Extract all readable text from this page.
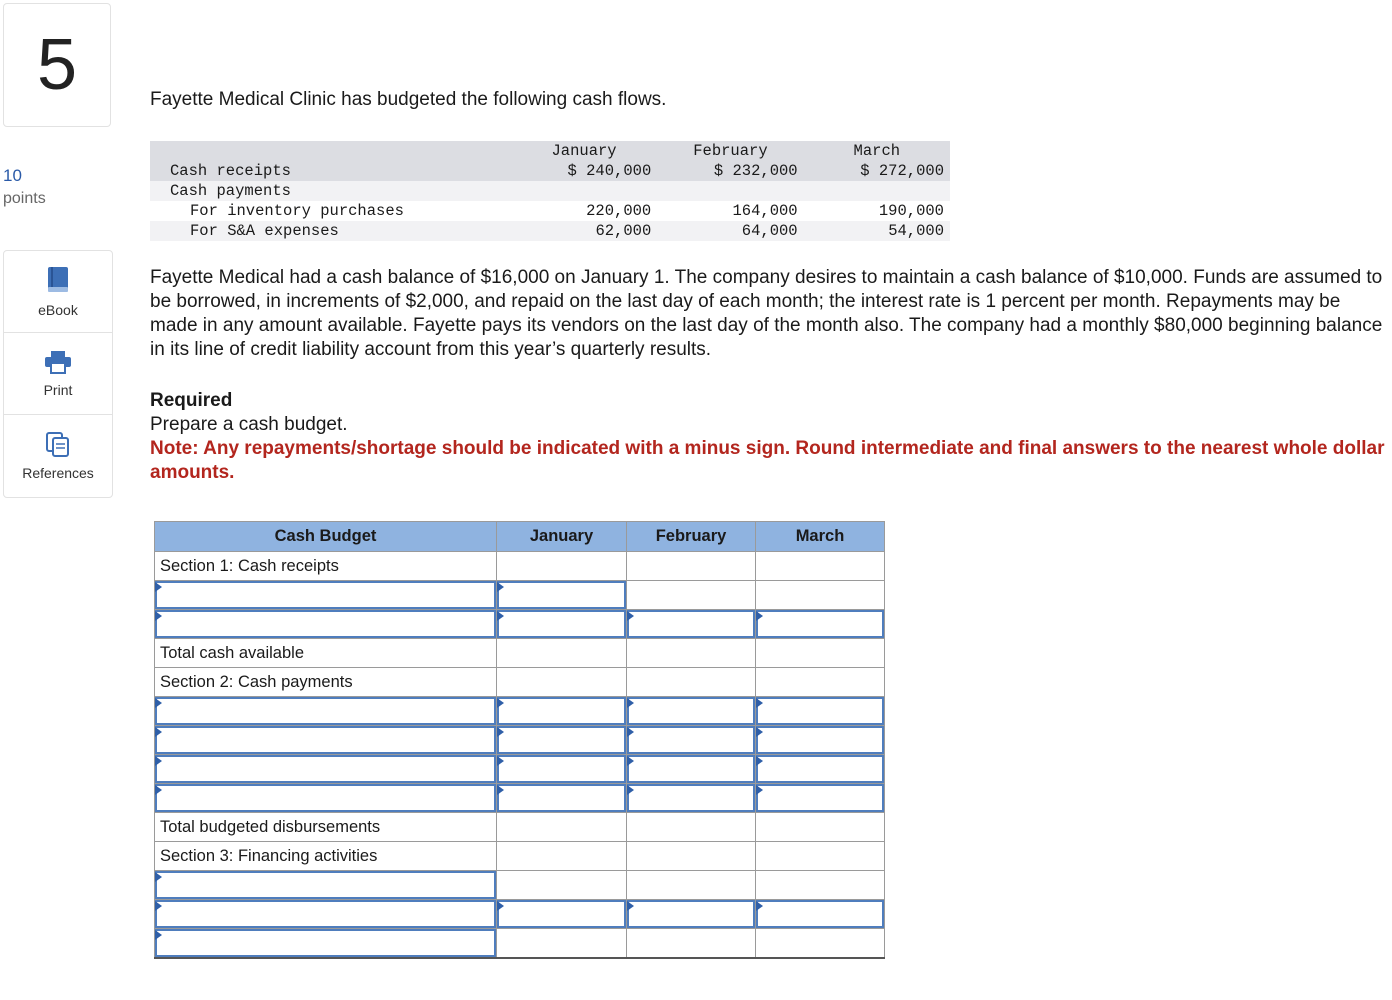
5
10
points
eBook
Print
References
Fayette Medical Clinic has budgeted the following cash flows.
	January	February	March
Cash receipts	$ 240,000	$ 232,000	$ 272,000
Cash payments			
For inventory purchases	220,000	164,000	190,000
For S&A expenses	62,000	64,000	54,000
Fayette Medical had a cash balance of $16,000 on January 1. The company desires to maintain a cash balance of $10,000. Funds are assumed to be borrowed, in increments of $2,000, and repaid on the last day of each month; the interest rate is 1 percent per month. Repayments may be made in any amount available. Fayette pays its vendors on the last day of the month also. The company had a monthly $80,000 beginning balance in its line of credit liability account from this year’s quarterly results.
Required
Prepare a cash budget.
Note: Any repayments/shortage should be indicated with a minus sign. Round intermediate and final answers to the nearest whole dollar amounts.
Cash Budget	January	February	March
Section 1: Cash receipts			

Total cash available			
Section 2: Cash payments			

Total budgeted disbursements			
Section 3: Financing activities			
